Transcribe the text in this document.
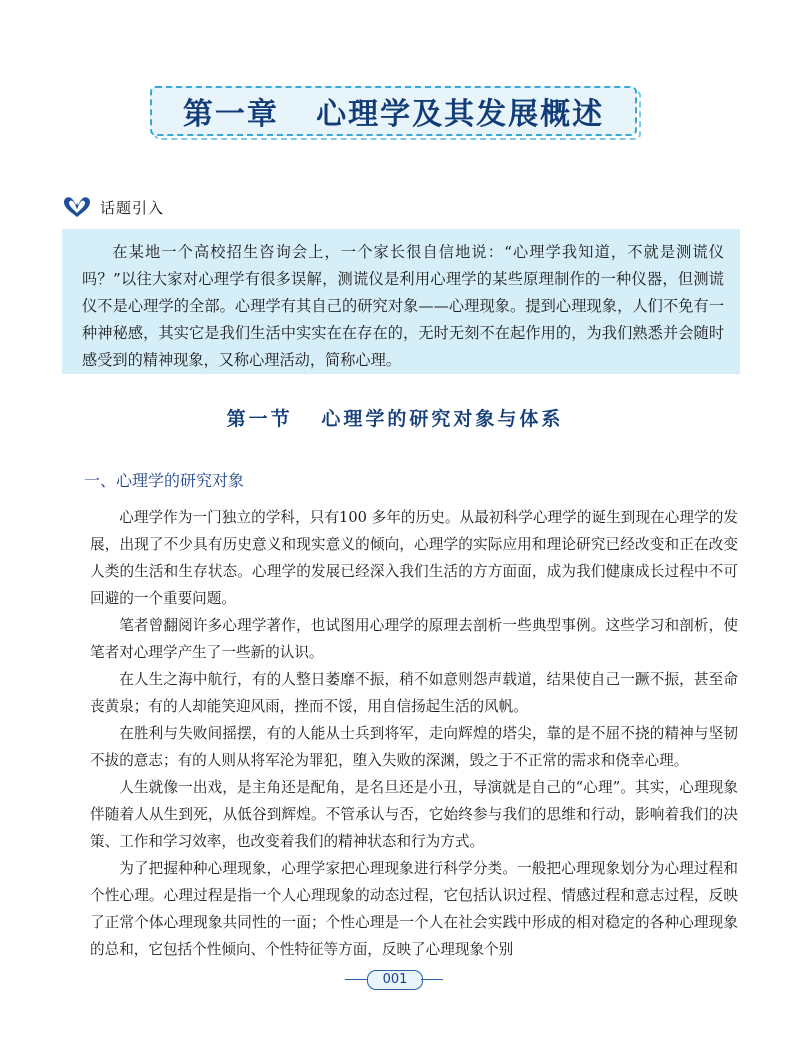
第一章   心理学及其发展概述
话题引入

在某地一个高校招生咨询会上，一个家长很自信地说：“心理学我知道，不就是测谎仪吗？”以往大家对心理学有很多误解，测谎仪是利用心理学的某些原理制作的一种仪器，但测谎仪不是心理学的全部。心理学有其自己的研究对象——心理现象。提到心理现象，人们不免有一种神秘感，其实它是我们生活中实实在在存在的，无时无刻不在起作用的，为我们熟悉并会随时感受到的精神现象，又称心理活动，简称心理。

第一节   心理学的研究对象与体系
一、心理学的研究对象

心理学作为一门独立的学科，只有100 多年的历史。从最初科学心理学的诞生到现在心理学的发展，出现了不少具有历史意义和现实意义的倾向，心理学的实际应用和理论研究已经改变和正在改变人类的生活和生存状态。心理学的发展已经深入我们生活的方方面面，成为我们健康成长过程中不可回避的一个重要问题。

笔者曾翻阅许多心理学著作，也试图用心理学的原理去剖析一些典型事例。这些学习和剖析，使笔者对心理学产生了一些新的认识。

在人生之海中航行，有的人整日萎靡不振，稍不如意则怨声载道，结果使自己一蹶不振，甚至命丧黄泉；有的人却能笑迎风雨，挫而不馁，用自信扬起生活的风帆。

在胜利与失败间摇摆，有的人能从士兵到将军，走向辉煌的塔尖，靠的是不屈不挠的精神与坚韧不拔的意志；有的人则从将军沦为罪犯，堕入失败的深渊，毁之于不正常的需求和侥幸心理。

人生就像一出戏，是主角还是配角，是名旦还是小丑，导演就是自己的“心理”。其实，心理现象伴随着人从生到死，从低谷到辉煌。不管承认与否，它始终参与我们的思维和行动，影响着我们的决策、工作和学习效率，也改变着我们的精神状态和行为方式。

为了把握种种心理现象，心理学家把心理现象进行科学分类。一般把心理现象划分为心理过程和个性心理。心理过程是指一个人心理现象的动态过程，它包括认识过程、情感过程和意志过程，反映了正常个体心理现象共同性的一面；个性心理是一个人在社会实践中形成的相对稳定的各种心理现象的总和，它包括个性倾向、个性特征等方面，反映了心理现象个别

001
